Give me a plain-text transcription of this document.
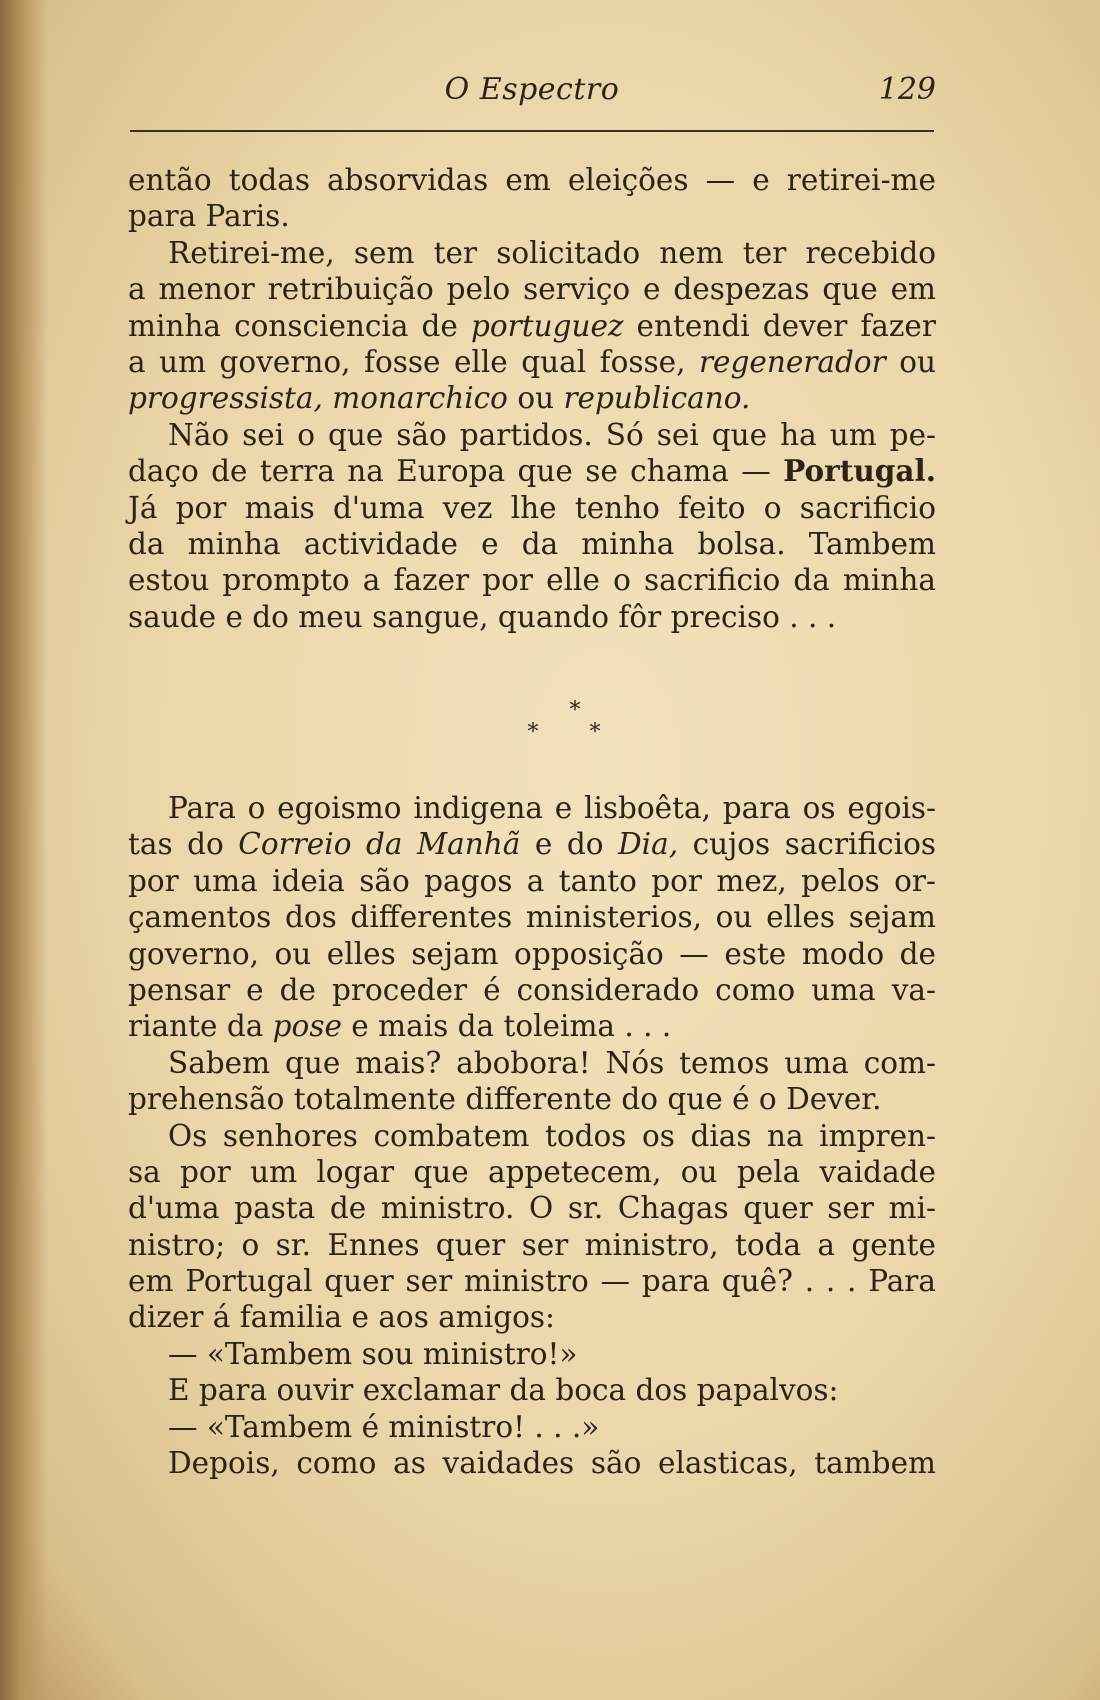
O Espectro	129
então todas absorvidas em eleições — e retirei-me
para Paris.
Retirei-me, sem ter solicitado nem ter recebido
a menor retribuição pelo serviço e despezas que em
minha consciencia de portuguez entendi dever fazer
a um governo, fosse elle qual fosse, regenerador ou
progressista, monarchico ou republicano.
Não sei o que são partidos. Só sei que ha um pe-
daço de terra na Europa que se chama — Portugal.
Já por mais d'uma vez lhe tenho feito o sacrificio
da minha actividade e da minha bolsa. Tambem
estou prompto a fazer por elle o sacrificio da minha
saude e do meu sangue, quando fôr preciso . . .
*
* *
Para o egoismo indigena e lisboêta, para os egois-
tas do Correio da Manhã e do Dia, cujos sacrificios
por uma ideia são pagos a tanto por mez, pelos or-
çamentos dos differentes ministerios, ou elles sejam
governo, ou elles sejam opposição — este modo de
pensar e de proceder é considerado como uma va-
riante da pose e mais da toleima . . .
Sabem que mais? abobora! Nós temos uma com-
prehensão totalmente differente do que é o Dever.
Os senhores combatem todos os dias na impren-
sa por um logar que appetecem, ou pela vaidade
d'uma pasta de ministro. O sr. Chagas quer ser mi-
nistro; o sr. Ennes quer ser ministro, toda a gente
em Portugal quer ser ministro — para quê? . . . Para
dizer á familia e aos amigos:
— «Tambem sou ministro!»
E para ouvir exclamar da boca dos papalvos:
— «Tambem é ministro! . . .»
Depois, como as vaidades são elasticas, tambem
